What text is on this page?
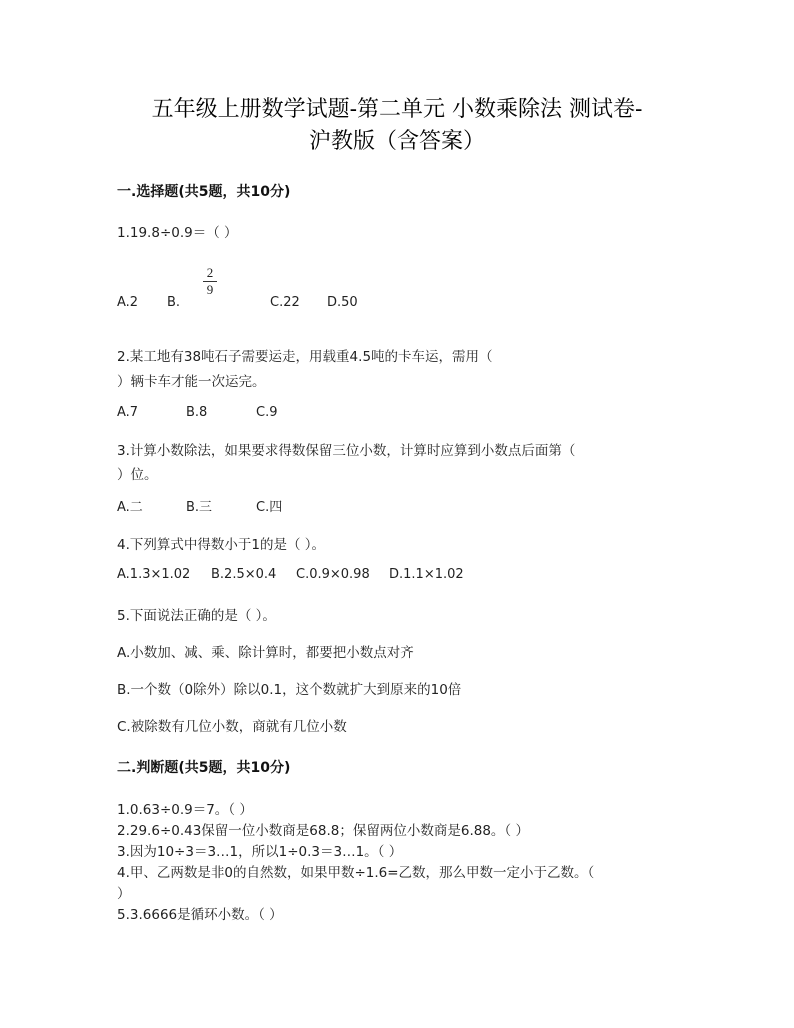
五年级上册数学试题-第二单元 小数乘除法 测试卷-
沪教版（含答案）
一.选择题(共5题，共10分)
1.19.8÷0.9＝（ ）
2
9
A.2 B.	C.22 D.50
2.某工地有38吨石子需要运走，用载重4.5吨的卡车运，需用（
）辆卡车才能一次运完。
A.7	B.8	C.9
3.计算小数除法，如果要求得数保留三位小数，计算时应算到小数点后面第（
）位。
A.二	B.三	C.四
4.下列算式中得数小于1的是（ ）。
A.1.3×1.02 B.2.5×0.4 C.0.9×0.98 D.1.1×1.02
5.下面说法正确的是（ ）。
A.小数加、减、乘、除计算时，都要把小数点对齐
B.一个数（0除外）除以0.1，这个数就扩大到原来的10倍
C.被除数有几位小数，商就有几位小数
二.判断题(共5题，共10分)
1.0.63÷0.9＝7。（ ）
2.29.6÷0.43保留一位小数商是68.8；保留两位小数商是6.88。（ ）
3.因为10÷3＝3…1，所以1÷0.3＝3…1。（ ）
4.甲、乙两数是非0的自然数，如果甲数÷1.6=乙数，那么甲数一定小于乙数。（
）
5.3.6666是循环小数。（ ）
